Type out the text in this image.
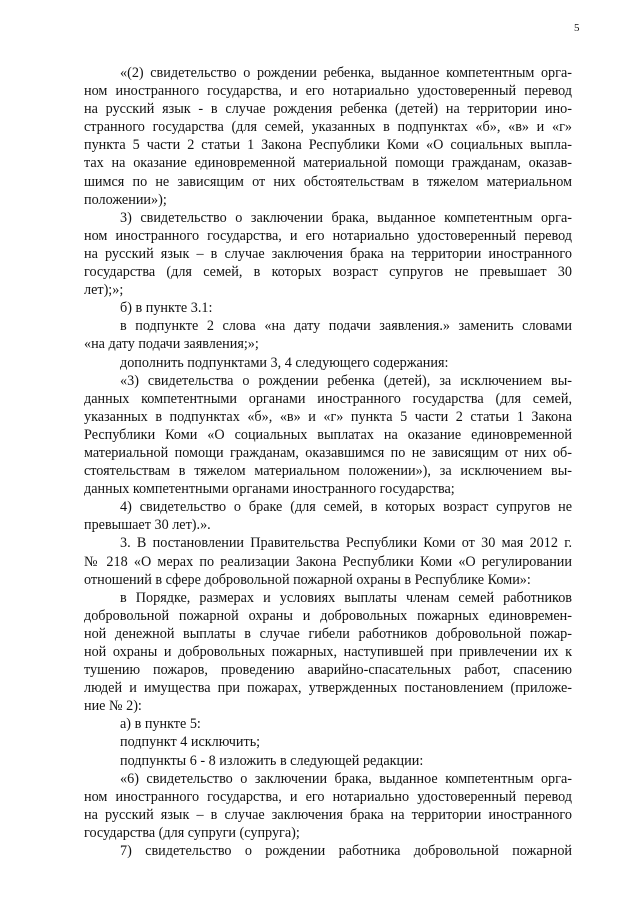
5
«(2) свидетельство о рождении ребенка, выданное компетентным орга-
ном иностранного государства, и его нотариально удостоверенный перевод
на русский язык - в случае рождения ребенка (детей) на территории ино-
странного государства (для семей, указанных в подпунктах «б», «в» и «г»
пункта 5 части 2 статьи 1 Закона Республики Коми «О социальных выпла-
тах на оказание единовременной материальной помощи гражданам, оказав-
шимся по не зависящим от них обстоятельствам в тяжелом материальном
положении»);
3) свидетельство о заключении брака, выданное компетентным орга-
ном иностранного государства, и его нотариально удостоверенный перевод
на русский язык – в случае заключения брака на территории иностранного
государства (для семей, в которых возраст супругов не превышает 30
лет);»;
б) в пункте 3.1:
в подпункте 2 слова «на дату подачи заявления.» заменить словами
«на дату подачи заявления;»;
дополнить подпунктами 3, 4 следующего содержания:
«3) свидетельства о рождении ребенка (детей), за исключением вы-
данных компетентными органами иностранного государства (для семей,
указанных в подпунктах «б», «в» и «г» пункта 5 части 2 статьи 1 Закона
Республики Коми «О социальных выплатах на оказание единовременной
материальной помощи гражданам, оказавшимся по не зависящим от них об-
стоятельствам в тяжелом материальном положении»), за исключением вы-
данных компетентными органами иностранного государства;
4) свидетельство о браке (для семей, в которых возраст супругов не
превышает 30 лет).».
3. В постановлении Правительства Республики Коми от 30 мая 2012 г.
№ 218 «О мерах по реализации Закона Республики Коми «О регулировании
отношений в сфере добровольной пожарной охраны в Республике Коми»:
в Порядке, размерах и условиях выплаты членам семей работников
добровольной пожарной охраны и добровольных пожарных единовремен-
ной денежной выплаты в случае гибели работников добровольной пожар-
ной охраны и добровольных пожарных, наступившей при привлечении их к
тушению пожаров, проведению аварийно-спасательных работ, спасению
людей и имущества при пожарах, утвержденных постановлением (приложе-
ние № 2):
а) в пункте 5:
подпункт 4 исключить;
подпункты 6 - 8 изложить в следующей редакции:
«6) свидетельство о заключении брака, выданное компетентным орга-
ном иностранного государства, и его нотариально удостоверенный перевод
на русский язык – в случае заключения брака на территории иностранного
государства (для супруги (супруга);
7) свидетельство о рождении работника добровольной пожарной
